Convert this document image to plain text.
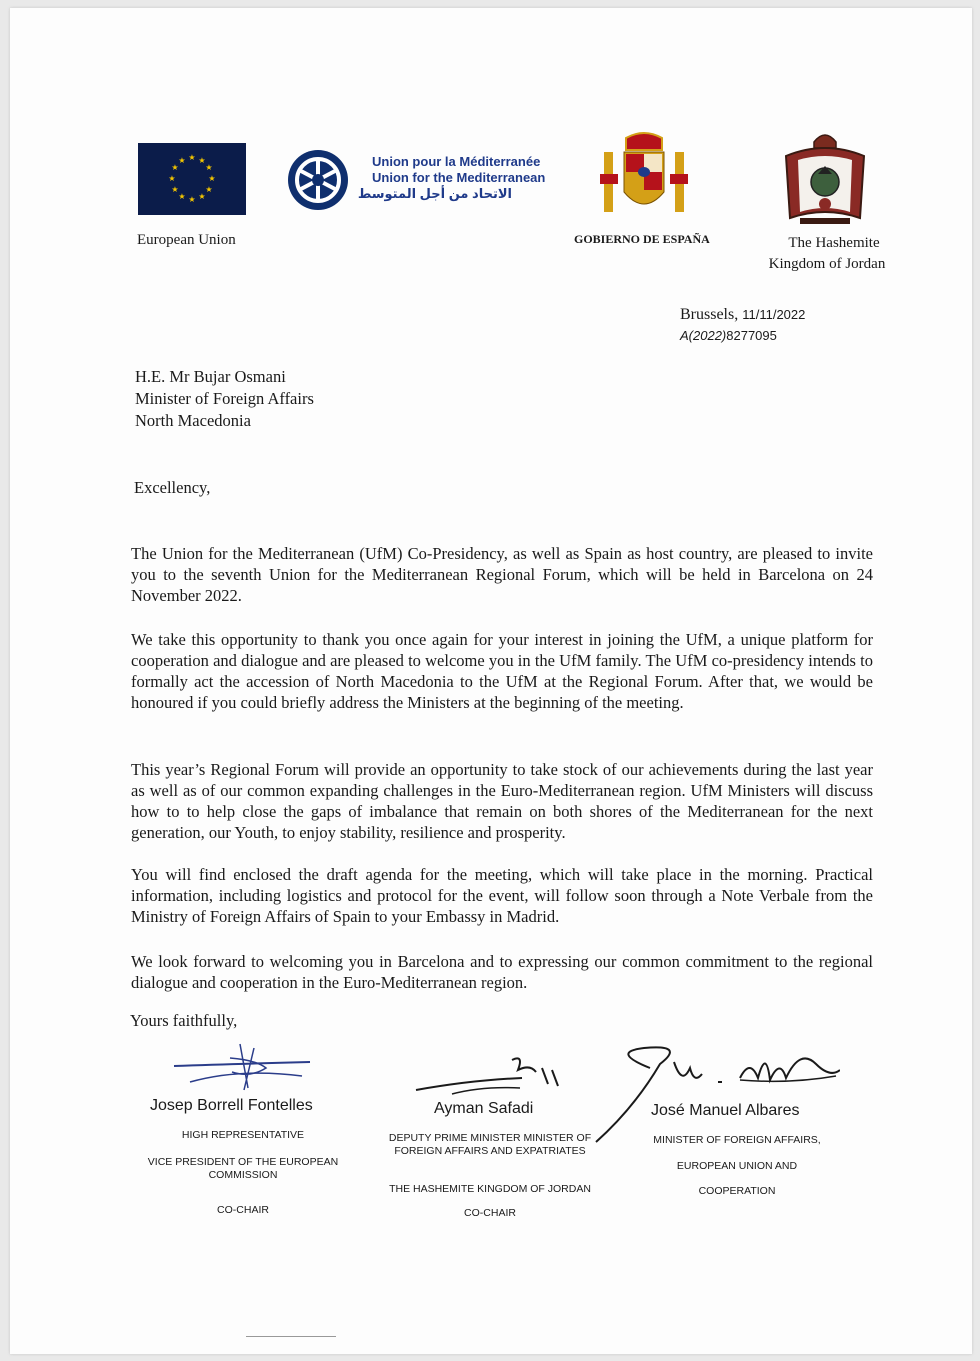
★ ★
★
★
★
★
★
★
★
★
★
★
European Union
Union pour la Méditerranée
Union for the Mediterranean
الاتحاد من أجل المتوسط
GOBIERNO DE ESPAÑA	The Hashemite
Kingdom of Jordan
Brussels, 11/11/2022
A(2022)8277095
H.E. Mr Bujar Osmani
Minister of Foreign Affairs
North Macedonia
Excellency,
The Union for the Mediterranean (UfM) Co-Presidency, as well as Spain as host country, are pleased to invite you to the seventh Union for the Mediterranean Regional Forum, which will be held in Barcelona on 24 November 2022.
We take this opportunity to thank you once again for your interest in joining the UfM, a unique platform for cooperation and dialogue and are pleased to welcome you in the UfM family. The UfM co-presidency intends to formally act the accession of North Macedonia to the UfM at the Regional Forum. After that, we would be honoured if you could briefly address the Ministers at the beginning of the meeting.
This year’s Regional Forum will provide an opportunity to take stock of our achievements during the last year as well as of our common expanding challenges in the Euro-Mediterranean region. UfM Ministers will discuss how to to help close the gaps of imbalance that remain on both shores of the Mediterranean for the next generation, our Youth, to enjoy stability, resilience and prosperity.
You will find enclosed the draft agenda for the meeting, which will take place in the morning. Practical information, including logistics and protocol for the event, will follow soon through a Note Verbale from the Ministry of Foreign Affairs of Spain to your Embassy in Madrid.
We look forward to welcoming you in Barcelona and to expressing our common commitment to the regional dialogue and cooperation in the Euro-Mediterranean region.
Yours faithfully,
Josep Borrell Fontelles
HIGH REPRESENTATIVE
VICE PRESIDENT OF THE EUROPEAN COMMISSION
CO-CHAIR
Ayman Safadi
DEPUTY PRIME MINISTER MINISTER OF FOREIGN AFFAIRS AND EXPATRIATES
THE HASHEMITE KINGDOM OF JORDAN
CO-CHAIR
José Manuel Albares
MINISTER OF FOREIGN AFFAIRS,
EUROPEAN UNION AND
COOPERATION
